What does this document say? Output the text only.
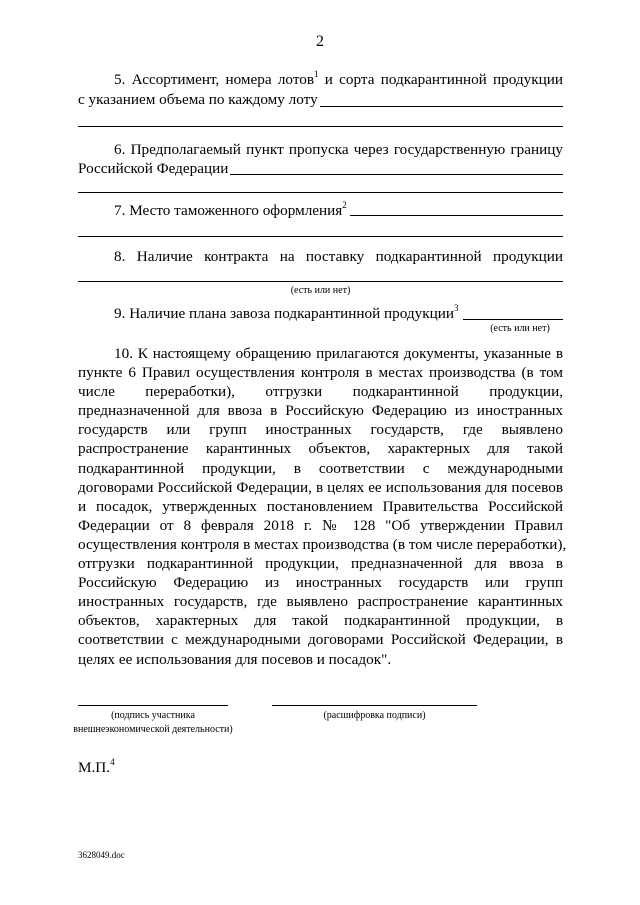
2
5. Ассортимент, номера лотов$^1$ и сорта подкарантинной продукции
с указанием объема по каждому лоту
6. Предполагаемый пункт пропуска через государственную границу
Российской Федерации
7. Место таможенного оформления$^2$
8. Наличие контракта на поставку подкарантинной продукции
(есть или нет)
9. Наличие плана завоза подкарантинной продукции$^3$
(есть или нет)
10. К настоящему обращению прилагаются документы, указанные в
пункте 6 Правил осуществления контроля в местах производства (в том
числе переработки), отгрузки подкарантинной продукции,
предназначенной для ввоза в Российскую Федерацию из иностранных
государств или групп иностранных государств, где выявлено
распространение карантинных объектов, характерных для такой
подкарантинной продукции, в соответствии с международными
договорами Российской Федерации, в целях ее использования для посевов
и посадок, утвержденных постановлением Правительства Российской
Федерации от 8 февраля 2018 г. № 128 "Об утверждении Правил
осуществления контроля в местах производства (в том числе переработки),
отгрузки подкарантинной продукции, предназначенной для ввоза в
Российскую Федерацию из иностранных государств или групп
иностранных государств, где выявлено распространение карантинных
объектов, характерных для такой подкарантинной продукции, в
соответствии с международными договорами Российской Федерации, в
целях ее использования для посевов и посадок".
(подпись участника
внешнеэкономической деятельности)
(расшифровка подписи)
М.П.$^4$
3628049.doc
